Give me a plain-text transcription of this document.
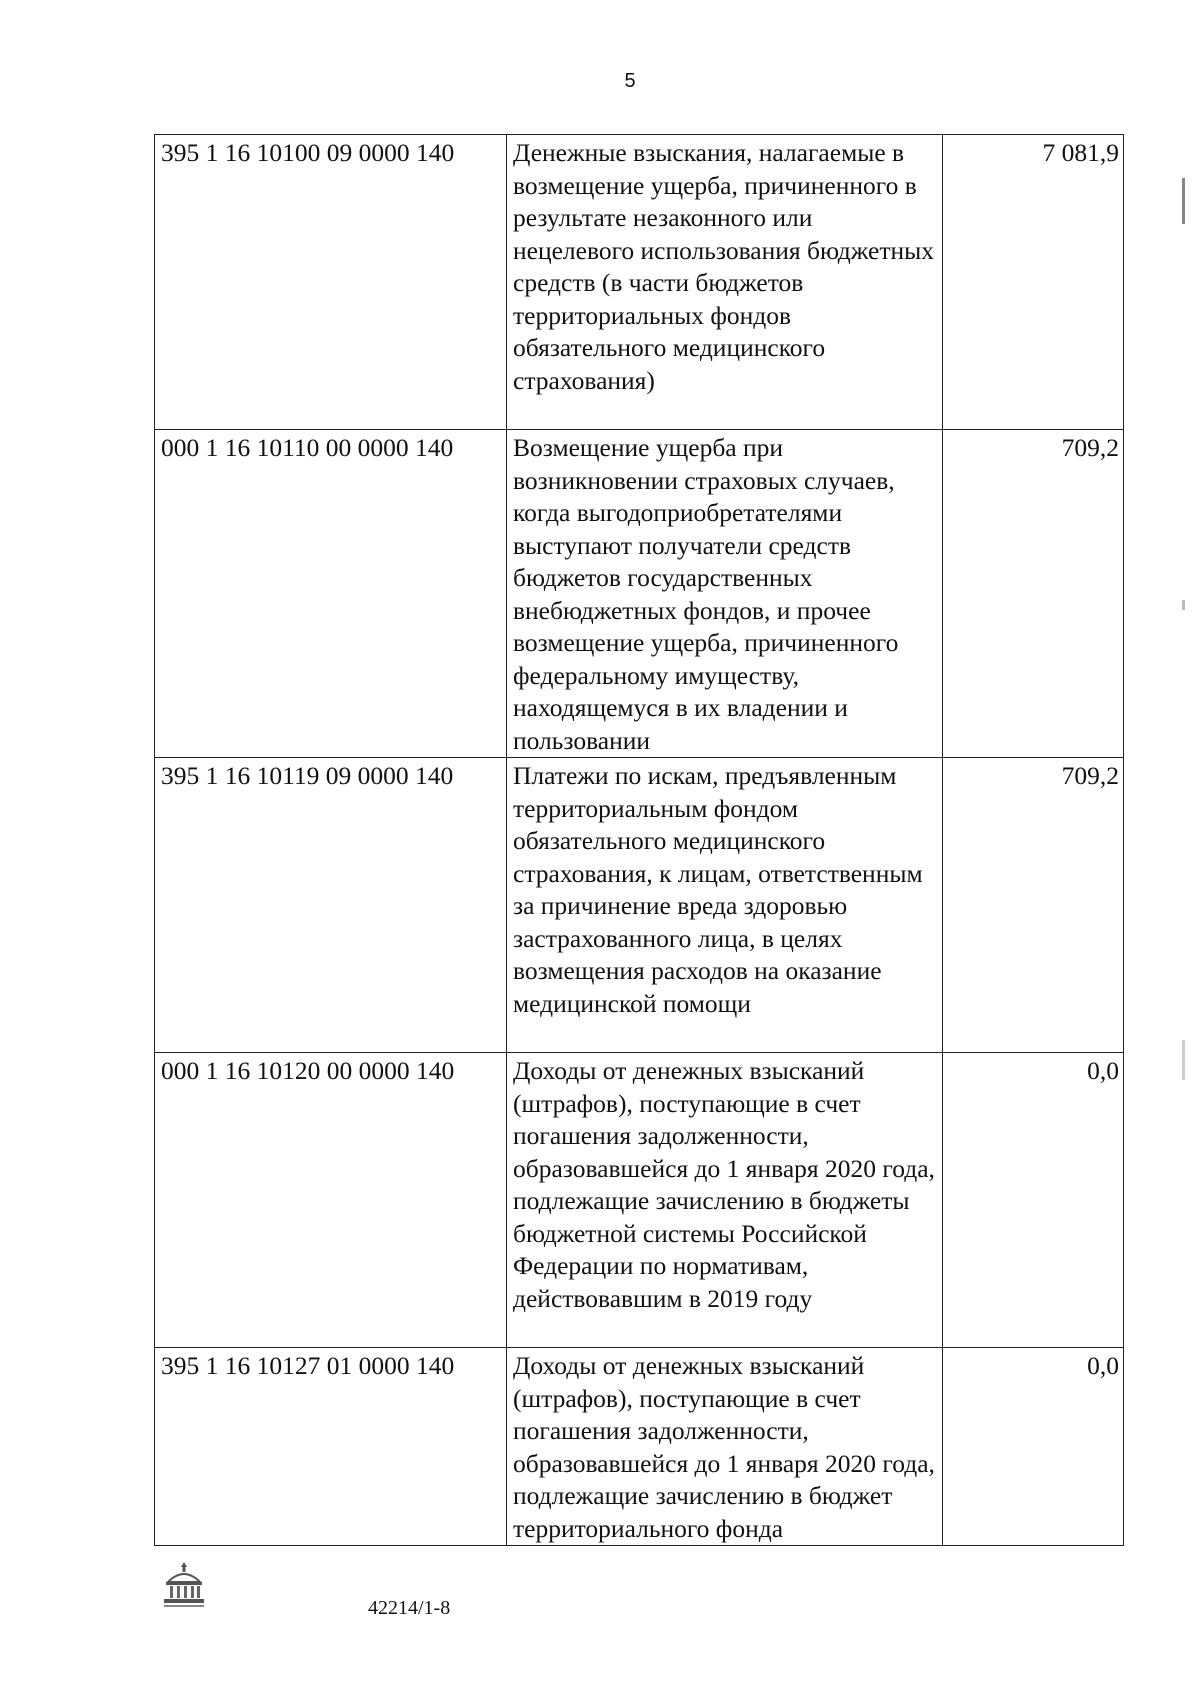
5
395 1 16 10100 09 0000 140	Денежные взыскания, налагаемые в возмещение ущерба, причиненного в результате незаконного или нецелевого использования бюджетных средств (в части бюджетов территориальных фондов обязательного медицинского страхования)	7 081,9
000 1 16 10110 00 0000 140	Возмещение ущерба при возникновении страховых случаев, когда выгодоприобретателями выступают получатели средств бюджетов государственных внебюджетных фондов, и прочее возмещение ущерба, причиненного федеральному имуществу, находящемуся в их владении и пользовании	709,2
395 1 16 10119 09 0000 140	Платежи по искам, предъявленным территориальным фондом обязательного медицинского страхования, к лицам, ответственным за причинение вреда здоровью застрахованного лица, в целях возмещения расходов на оказание медицинской помощи	709,2
000 1 16 10120 00 0000 140	Доходы от денежных взысканий (штрафов), поступающие в счет погашения задолженности, образовавшейся до 1 января 2020 года, подлежащие зачислению в бюджеты бюджетной системы Российской Федерации по нормативам, действовавшим в 2019 году	0,0
395 1 16 10127 01 0000 140	Доходы от денежных взысканий (штрафов), поступающие в счет погашения задолженности, образовавшейся до 1 января 2020 года, подлежащие зачислению в бюджет территориального фонда	0,0
42214/1-8
